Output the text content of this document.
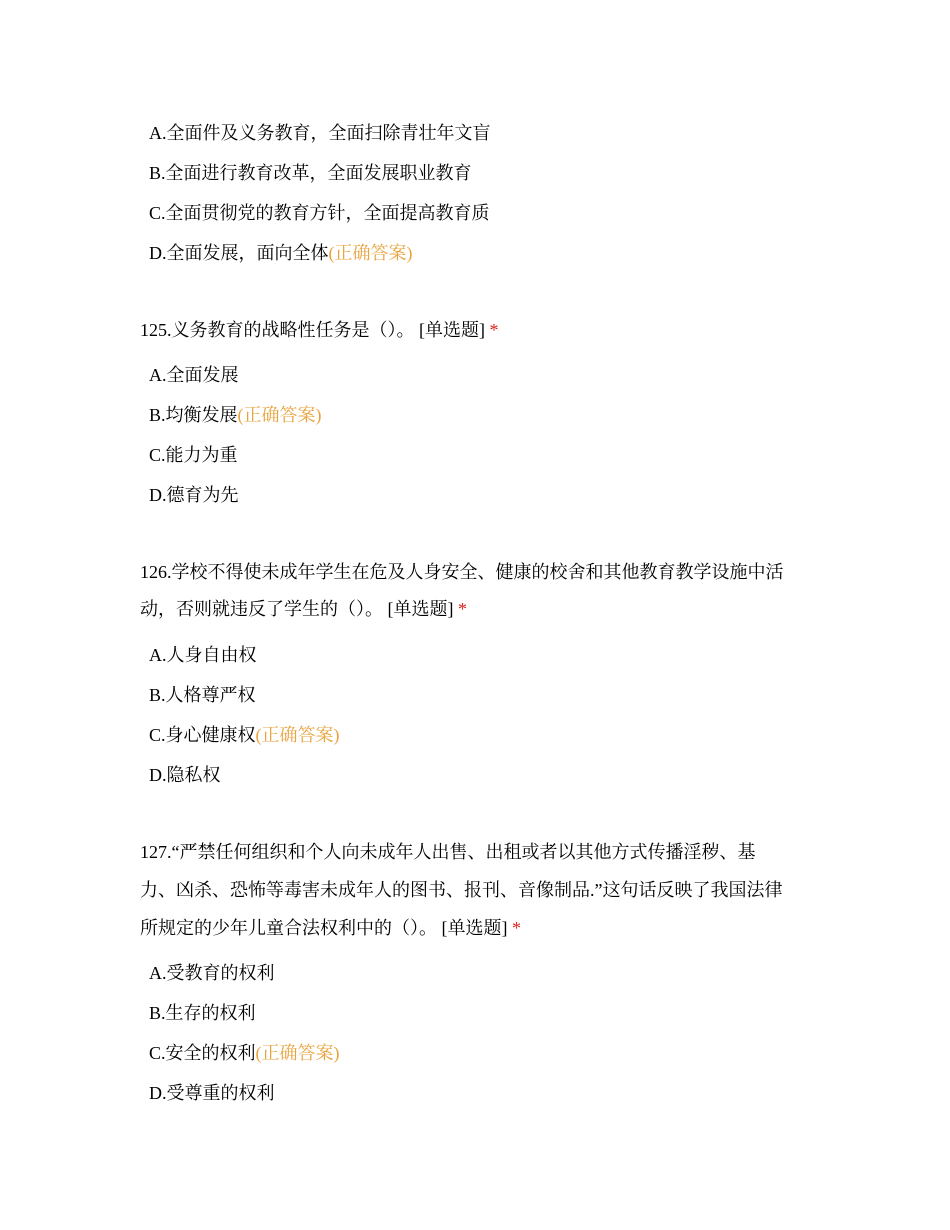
A.全面件及义务教育，全面扫除青壮年文盲
B.全面进行教育改革，全面发展职业教育
C.全面贯彻党的教育方针，全面提高教育质
D.全面发展，面向全体(正确答案)
125.义务教育的战略性任务是（）。 [单选题] *
A.全面发展
B.均衡发展(正确答案)
C.能力为重
D.德育为先
126.学校不得使未成年学生在危及人身安全、健康的校舍和其他教育教学设施中活
动，否则就违反了学生的（）。 [单选题] *
A.人身自由权
B.人格尊严权
C.身心健康权(正确答案)
D.隐私权
127.“严禁任何组织和个人向未成年人出售、出租或者以其他方式传播淫秽、基
力、凶杀、恐怖等毒害未成年人的图书、报刊、音像制品.”这句话反映了我国法律
所规定的少年儿童合法权利中的（）。 [单选题] *
A.受教育的权利
B.生存的权利
C.安全的权利(正确答案)
D.受尊重的权利
